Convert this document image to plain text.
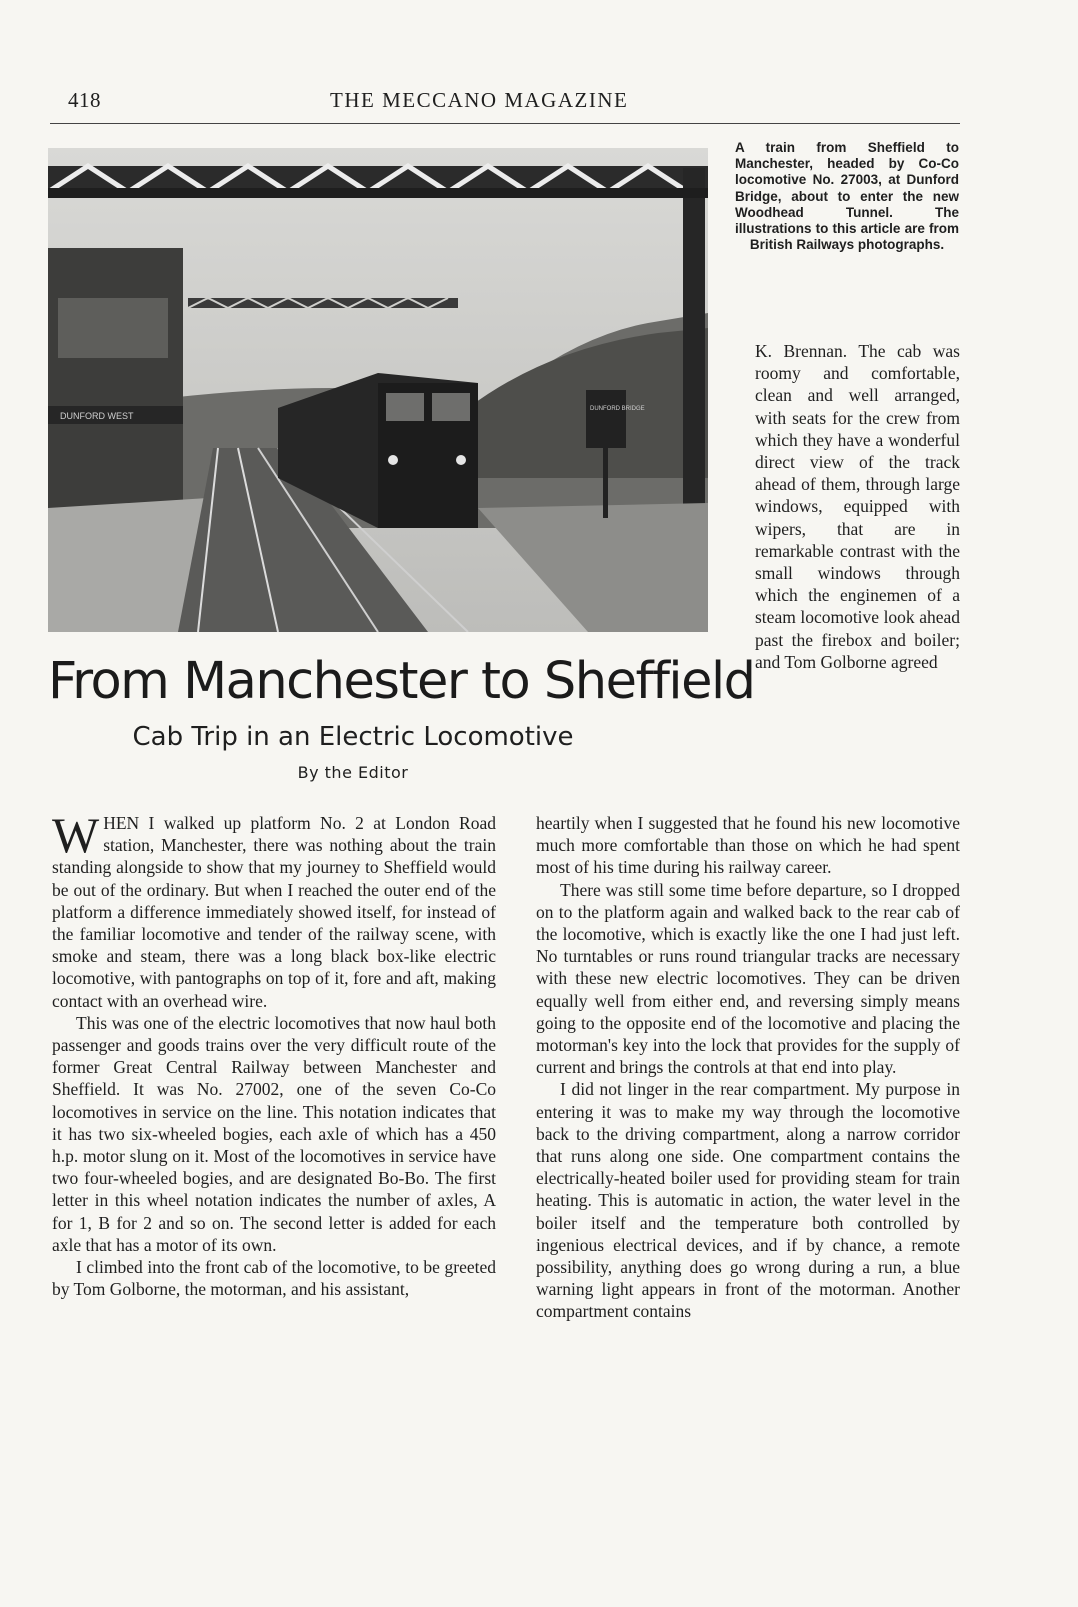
418	THE MECCANO MAGAZINE
DUNFORD WEST
DUNFORD BRIDGE
A train from Sheffield to Manchester, headed by Co-Co locomotive No. 27003, at Dunford Bridge, about to enter the new Woodhead Tunnel. The illustrations to this article are from British Railways photographs.
From Manchester to Sheffield
Cab Trip in an Electric Locomotive
By the Editor

K. Brennan. The cab was roomy and comfortable, clean and well arranged, with seats for the crew from which they have a wonderful direct view of the track ahead of them, through large windows, equipped with wipers, that are in remarkable contrast with the small windows through which the enginemen of a steam locomotive look ahead past the firebox and boiler; and Tom Golborne agreed

WHEN I walked up platform No. 2 at London Road station, Manchester, there was nothing about the train standing alongside to show that my journey to Sheffield would be out of the ordinary. But when I reached the outer end of the platform a difference immediately showed itself, for instead of the familiar locomotive and tender of the railway scene, with smoke and steam, there was a long black box-like electric locomotive, with pantographs on top of it, fore and aft, making contact with an overhead wire.

This was one of the electric locomotives that now haul both passenger and goods trains over the very difficult route of the former Great Central Railway between Manchester and Sheffield. It was No. 27002, one of the seven Co-Co locomotives in service on the line. This notation indicates that it has two six-wheeled bogies, each axle of which has a 450 h.p. motor slung on it. Most of the locomotives in service have two four-wheeled bogies, and are designated Bo-Bo. The first letter in this wheel notation indicates the number of axles, A for 1, B for 2 and so on. The second letter is added for each axle that has a motor of its own.

I climbed into the front cab of the locomotive, to be greeted by Tom Golborne, the motorman, and his assistant,

heartily when I suggested that he found his new locomotive much more comfortable than those on which he had spent most of his time during his railway career.

There was still some time before departure, so I dropped on to the platform again and walked back to the rear cab of the locomotive, which is exactly like the one I had just left. No turntables or runs round triangular tracks are necessary with these new electric locomotives. They can be driven equally well from either end, and reversing simply means going to the opposite end of the locomotive and placing the motorman's key into the lock that provides for the supply of current and brings the controls at that end into play.

I did not linger in the rear compartment. My purpose in entering it was to make my way through the locomotive back to the driving compartment, along a narrow corridor that runs along one side. One compartment contains the electrically-heated boiler used for providing steam for train heating. This is automatic in action, the water level in the boiler itself and the temperature both controlled by ingenious electrical devices, and if by chance, a remote possibility, anything does go wrong during a run, a blue warning light appears in front of the motorman. Another compartment contains
